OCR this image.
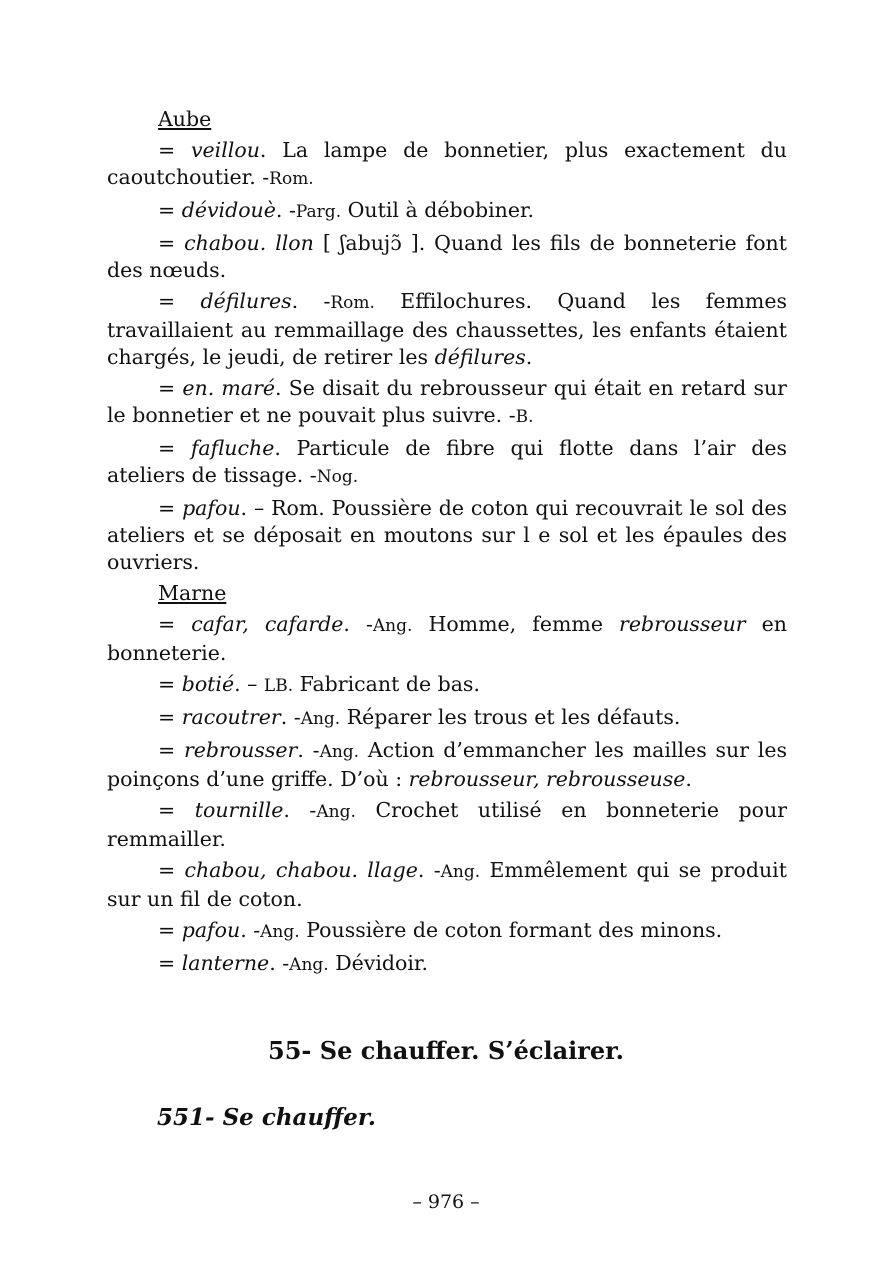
Aube

= veillou. La lampe de bonnetier, plus exactement du caoutchoutier. -Rom.

= dévidouè. -Parg. Outil à débobiner.

= chabou. llon [ ʃabujɔ̃ ]. Quand les fils de bonneterie font des nœuds.

= défilures. -Rom. Effilochures. Quand les femmes travaillaient au remmaillage des chaussettes, les enfants étaient chargés, le jeudi, de retirer les défilures.

= en. maré. Se disait du rebrousseur qui était en retard sur le bonnetier et ne pouvait plus suivre. -B.

= fafluche. Particule de fibre qui flotte dans l’air des ateliers de tissage. -Nog.

= pafou. – Rom. Poussière de coton qui recouvrait le sol des ateliers et se déposait en moutons sur l e sol et les épaules des ouvriers.

Marne

= cafar, cafarde. -Ang. Homme, femme rebrousseur en bonneterie.

= botié. – LB. Fabricant de bas.

= racoutrer. -Ang. Réparer les trous et les défauts.

= rebrousser. -Ang. Action d’emmancher les mailles sur les poinçons d’une griffe. D’où : rebrousseur, rebrousseuse.

= tournille. -Ang. Crochet utilisé en bonneterie pour remmailler.

= chabou, chabou. llage. -Ang. Emmêlement qui se produit sur un fil de coton.

= pafou. -Ang. Poussière de coton formant des minons.

= lanterne. -Ang. Dévidoir.

55- Se chauffer. S’éclairer.
551- Se chauffer.
– 976 –
